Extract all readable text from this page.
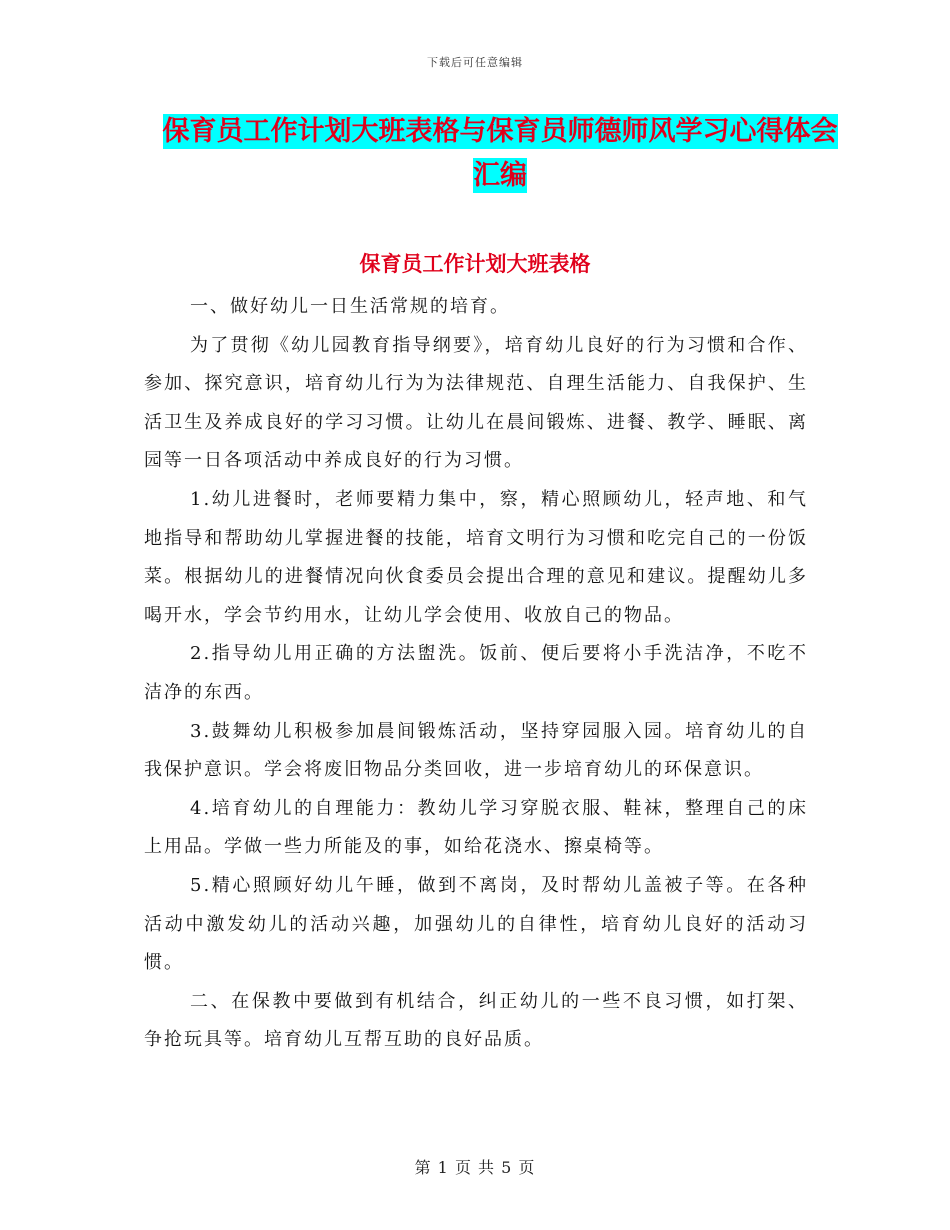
下载后可任意编辑
保育员工作计划大班表格与保育员师德师风学习心得体会汇编
保育员工作计划大班表格

一、做好幼儿一日生活常规的培育。

为了贯彻《幼儿园教育指导纲要》，培育幼儿良好的行为习惯和合作、参加、探究意识，培育幼儿行为为法律规范、自理生活能力、自我保护、生活卫生及养成良好的学习习惯。让幼儿在晨间锻炼、进餐、教学、睡眠、离园等一日各项活动中养成良好的行为习惯。

1.幼儿进餐时，老师要精力集中，察，精心照顾幼儿，轻声地、和气地指导和帮助幼儿掌握进餐的技能，培育文明行为习惯和吃完自己的一份饭菜。根据幼儿的进餐情况向伙食委员会提出合理的意见和建议。提醒幼儿多喝开水，学会节约用水，让幼儿学会使用、收放自己的物品。

2.指导幼儿用正确的方法盥洗。饭前、便后要将小手洗洁净，不吃不洁净的东西。

3.鼓舞幼儿积极参加晨间锻炼活动，坚持穿园服入园。培育幼儿的自我保护意识。学会将废旧物品分类回收，进一步培育幼儿的环保意识。

4.培育幼儿的自理能力：教幼儿学习穿脱衣服、鞋袜，整理自己的床上用品。学做一些力所能及的事，如给花浇水、擦桌椅等。

5.精心照顾好幼儿午睡，做到不离岗，及时帮幼儿盖被子等。在各种活动中激发幼儿的活动兴趣，加强幼儿的自律性，培育幼儿良好的活动习惯。

二、在保教中要做到有机结合，纠正幼儿的一些不良习惯，如打架、争抢玩具等。培育幼儿互帮互助的良好品质。

第 1 页 共 5 页
